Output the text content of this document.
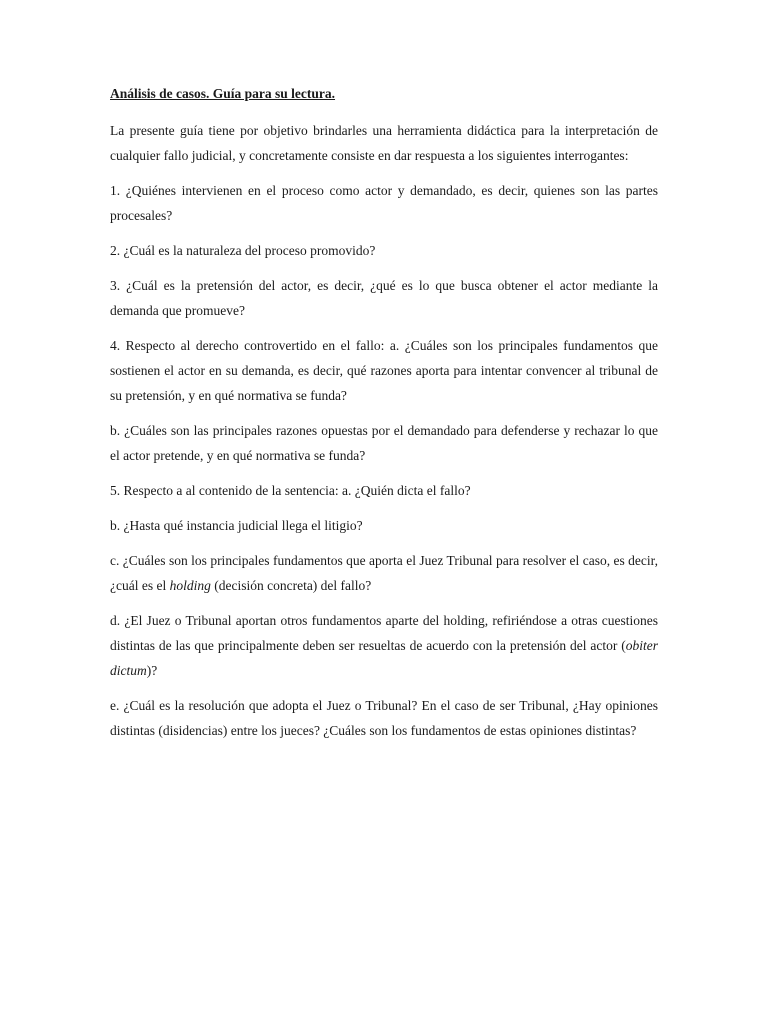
Análisis de casos. Guía para su lectura.

La presente guía tiene por objetivo brindarles una herramienta didáctica para la interpretación de cualquier fallo judicial, y concretamente consiste en dar respuesta a los siguientes interrogantes:

1. ¿Quiénes intervienen en el proceso como actor y demandado, es decir, quienes son las partes procesales?

2. ¿Cuál es la naturaleza del proceso promovido?

3. ¿Cuál es la pretensión del actor, es decir, ¿qué es lo que busca obtener el actor mediante la demanda que promueve?

4. Respecto al derecho controvertido en el fallo: a. ¿Cuáles son los principales fundamentos que sostienen el actor en su demanda, es decir, qué razones aporta para intentar convencer al tribunal de su pretensión, y en qué normativa se funda?

b. ¿Cuáles son las principales razones opuestas por el demandado para defenderse y rechazar lo que el actor pretende, y en qué normativa se funda?

5. Respecto a al contenido de la sentencia: a. ¿Quién dicta el fallo?

b. ¿Hasta qué instancia judicial llega el litigio?

c. ¿Cuáles son los principales fundamentos que aporta el Juez Tribunal para resolver el caso, es decir, ¿cuál es el holding (decisión concreta) del fallo?

d. ¿El Juez o Tribunal aportan otros fundamentos aparte del holding, refiriéndose a otras cuestiones distintas de las que principalmente deben ser resueltas de acuerdo con la pretensión del actor (obiter dictum)?

e. ¿Cuál es la resolución que adopta el Juez o Tribunal? En el caso de ser Tribunal, ¿Hay opiniones distintas (disidencias) entre los jueces? ¿Cuáles son los fundamentos de estas opiniones distintas?
